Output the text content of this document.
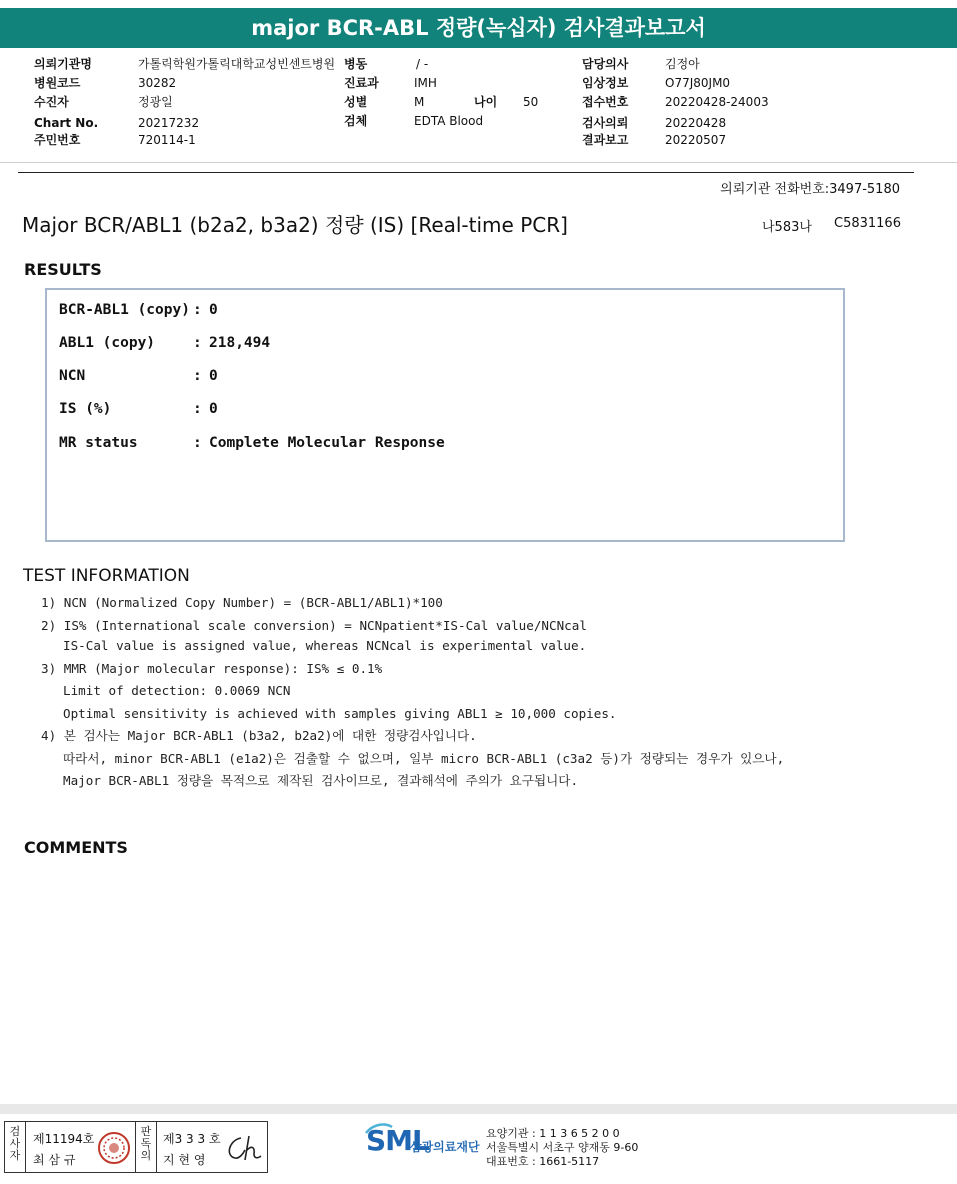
major BCR-ABL 정량(녹십자) 검사결과보고서
의뢰기관명	가톨릭학원가톨릭대학교성빈센트병원
병원코드	30282
수진자	정광일
Chart No.	20217232
주민번호	720114-1
병동	/ -
진료과	IMH
성별	M	나이 50
검체	EDTA Blood
담당의사	김정아
임상정보	O77J80JM0
접수번호	20220428-24003
검사의뢰	20220428
결과보고	20220507
의뢰기관 전화번호:3497-5180
Major BCR/ABL1 (b2a2, b3a2) 정량 (IS) [Real-time PCR]	나583나 C5831166
RESULTS
BCR-ABL1 (copy) : 0
ABL1 (copy)	: 218,494
NCN	: 0
IS (%)	: 0
MR status	: Complete Molecular Response
TEST INFORMATION
1) NCN (Normalized Copy Number) = (BCR-ABL1/ABL1)*100
2) IS% (International scale conversion) = NCNpatient*IS-Cal value/NCNcal
IS-Cal value is assigned value, whereas NCNcal is experimental value.
3) MMR (Major molecular response): IS% ≤ 0.1%
Limit of detection: 0.0069 NCN
Optimal sensitivity is achieved with samples giving ABL1 ≥ 10,000 copies.
4) 본 검사는 Major BCR-ABL1 (b3a2, b2a2)에 대한 정량검사입니다.
따라서, minor BCR-ABL1 (e1a2)은 검출할 수 없으며, 일부 micro BCR-ABL1 (c3a2 등)가 정량되는 경우가 있으나,
Major BCR-ABL1 정량을 목적으로 제작된 검사이므로, 결과해석에 주의가 요구됩니다.
COMMENTS
검사자
제11194호
최 삼 규
판독의
제3 3 3 호
지 현 영
SML
삼광의료재단
요양기관 : 1 1 3 6 5 2 0 0
서울특별시 서초구 양재동 9-60
대표번호 : 1661-5117
